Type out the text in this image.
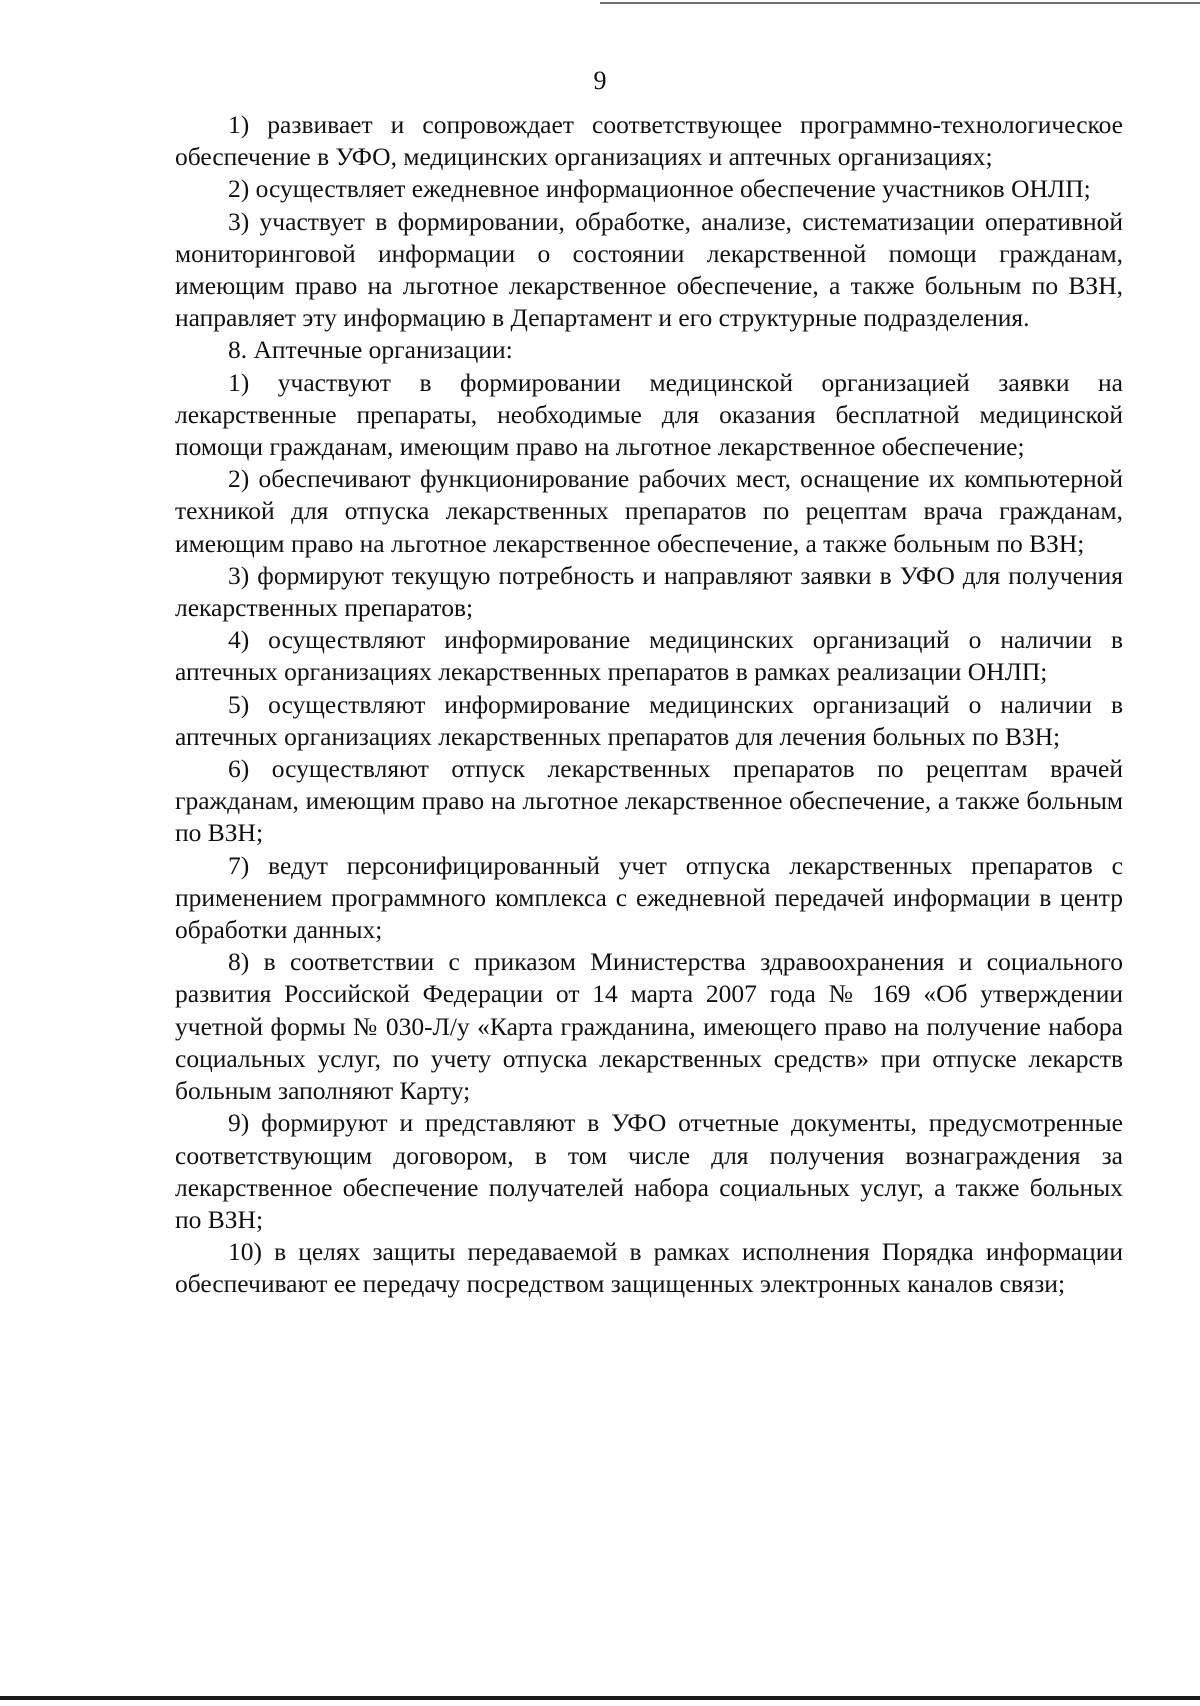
9

1) развивает и сопровождает соответствующее программно-технологическое обеспечение в УФО, медицинских организациях и аптечных организациях;

2) осуществляет ежедневное информационное обеспечение участников ОНЛП;

3) участвует в формировании, обработке, анализе, систематизации оперативной мониторинговой информации о состоянии лекарственной помощи гражданам, имеющим право на льготное лекарственное обеспечение, а также больным по ВЗН, направляет эту информацию в Департамент и его структурные подразделения.

8. Аптечные организации:

1) участвуют в формировании медицинской организацией заявки на лекарственные препараты, необходимые для оказания бесплатной медицинской помощи гражданам, имеющим право на льготное лекарственное обеспечение;

2) обеспечивают функционирование рабочих мест, оснащение их компьютерной техникой для отпуска лекарственных препаратов по рецептам врача гражданам, имеющим право на льготное лекарственное обеспечение, а также больным по ВЗН;

3) формируют текущую потребность и направляют заявки в УФО для получения лекарственных препаратов;

4) осуществляют информирование медицинских организаций о наличии в аптечных организациях лекарственных препаратов в рамках реализации ОНЛП;

5) осуществляют информирование медицинских организаций о наличии в аптечных организациях лекарственных препаратов для лечения больных по ВЗН;

6) осуществляют отпуск лекарственных препаратов по рецептам врачей гражданам, имеющим право на льготное лекарственное обеспечение, а также больным по ВЗН;

7) ведут персонифицированный учет отпуска лекарственных препаратов с применением программного комплекса с ежедневной передачей информации в центр обработки данных;

8) в соответствии с приказом Министерства здравоохранения и социального развития Российской Федерации от 14 марта 2007 года № 169 «Об утверждении учетной формы № 030-Л/у «Карта гражданина, имеющего право на получение набора социальных услуг, по учету отпуска лекарственных средств» при отпуске лекарств больным заполняют Карту;

9) формируют и представляют в УФО отчетные документы, предусмотренные соответствующим договором, в том числе для получения вознаграждения за лекарственное обеспечение получателей набора социальных услуг, а также больных по ВЗН;

10) в целях защиты передаваемой в рамках исполнения Порядка информации обеспечивают ее передачу посредством защищенных электронных каналов связи;
